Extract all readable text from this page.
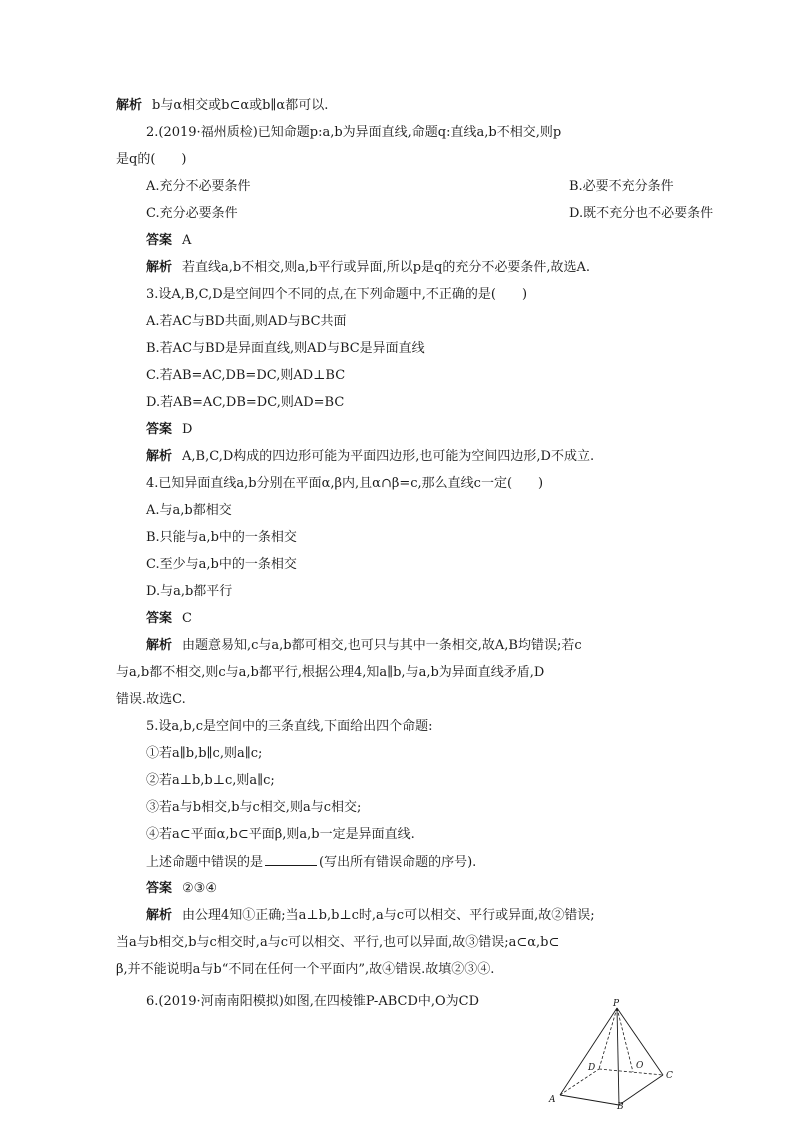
解析 b与α相交或b⊂α或b∥α都可以.
2.(2019·福州质检)已知命题p:a,b为异面直线,命题q:直线a,b不相交,则p
是q的(　　)
A.充分不必要条件	B.必要不充分条件
C.充分必要条件	D.既不充分也不必要条件
答案 A
解析 若直线a,b不相交,则a,b平行或异面,所以p是q的充分不必要条件,故选A.
3.设A,B,C,D是空间四个不同的点,在下列命题中,不正确的是(　　)
A.若AC与BD共面,则AD与BC共面
B.若AC与BD是异面直线,则AD与BC是异面直线
C.若AB=AC,DB=DC,则AD⊥BC
D.若AB=AC,DB=DC,则AD=BC
答案 D
解析 A,B,C,D构成的四边形可能为平面四边形,也可能为空间四边形,D不成立.
4.已知异面直线a,b分别在平面α,β内,且α∩β=c,那么直线c一定(　　)
A.与a,b都相交
B.只能与a,b中的一条相交
C.至少与a,b中的一条相交
D.与a,b都平行
答案 C
解析 由题意易知,c与a,b都可相交,也可只与其中一条相交,故A,B均错误;若c
与a,b都不相交,则c与a,b都平行,根据公理4,知a∥b,与a,b为异面直线矛盾,D
错误.故选C.
5.设a,b,c是空间中的三条直线,下面给出四个命题:
①若a∥b,b∥c,则a∥c;
②若a⊥b,b⊥c,则a∥c;
③若a与b相交,b与c相交,则a与c相交;
④若a⊂平面α,b⊂平面β,则a,b一定是异面直线.
上述命题中错误的是	(写出所有错误命题的序号).
答案 ②③④
解析 由公理4知①正确;当a⊥b,b⊥c时,a与c可以相交、平行或异面,故②错误;
当a与b相交,b与c相交时,a与c可以相交、平行,也可以异面,故③错误;a⊂α,b⊂
β,并不能说明a与b“不同在任何一个平面内”,故④错误.故填②③④.
6.(2019·河南南阳模拟)如图,在四棱锥P-ABCD中,O为CD	P
A
B
C
D	O
